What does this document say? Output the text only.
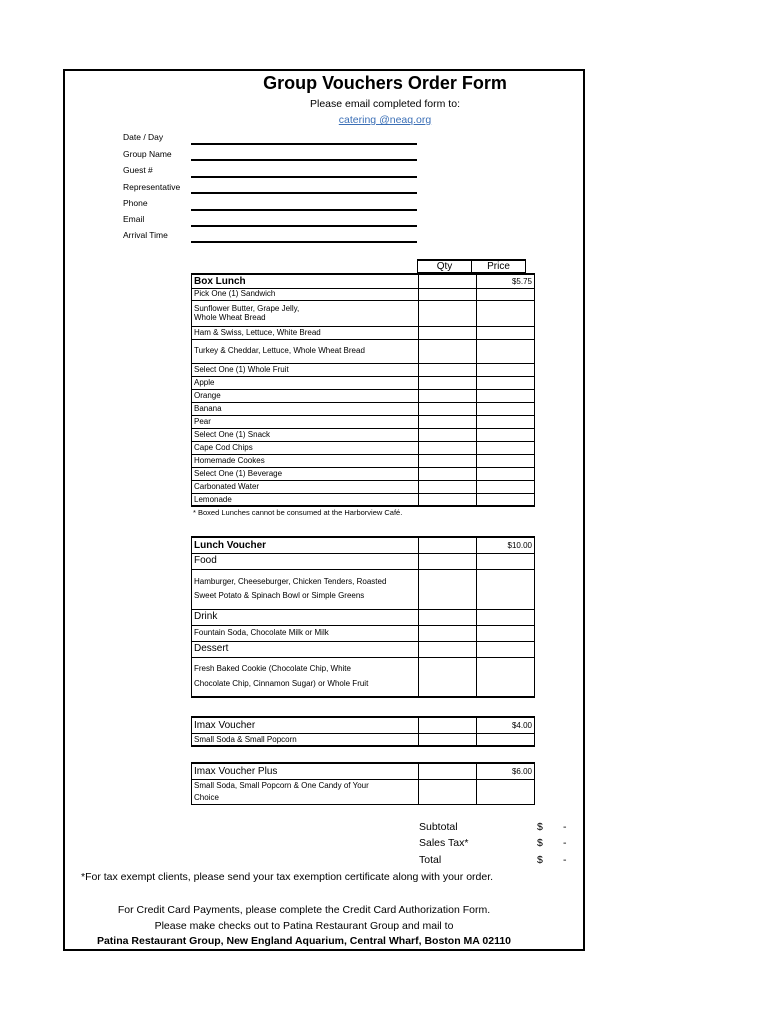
Group Vouchers Order Form
Please email completed form to:
catering @neaq.org
Date / Day
Group Name
Guest #
Representative
Phone
Email
Arrival Time
Qty	Price
Box Lunch		$5.75
Pick One (1) Sandwich		
Sunflower Butter, Grape Jelly,
Whole Wheat Bread		
Ham & Swiss, Lettuce, White Bread		
Turkey & Cheddar, Lettuce, Whole Wheat Bread		
Select One (1) Whole Fruit		
Apple		
Orange		
Banana		
Pear		
Select One (1) Snack		
Cape Cod Chips		
Homemade Cookes		
Select One (1) Beverage		
Carbonated Water		
Lemonade		
* Boxed Lunches cannot be consumed at the Harborview Café.
Lunch Voucher		$10.00
Food		
Hamburger, Cheeseburger, Chicken Tenders, Roasted
Sweet Potato & Spinach Bowl or Simple Greens		
Drink		
Fountain Soda, Chocolate Milk or Milk		
Dessert		
Fresh Baked Cookie (Chocolate Chip, White
Chocolate Chip, Cinnamon Sugar) or Whole Fruit		
Imax Voucher		$4.00
Small Soda & Small Popcorn		
Imax Voucher Plus		$6.00
Small Soda, Small Popcorn & One Candy of Your
Choice		
Subtotal	$ -
Sales Tax*	$ -
Total	$ -
*For tax exempt clients, please send your tax exemption certificate along with your order.
For Credit Card Payments, please complete the Credit Card Authorization Form.
Please make checks out to Patina Restaurant Group and mail to
Patina Restaurant Group, New England Aquarium, Central Wharf, Boston MA 02110
